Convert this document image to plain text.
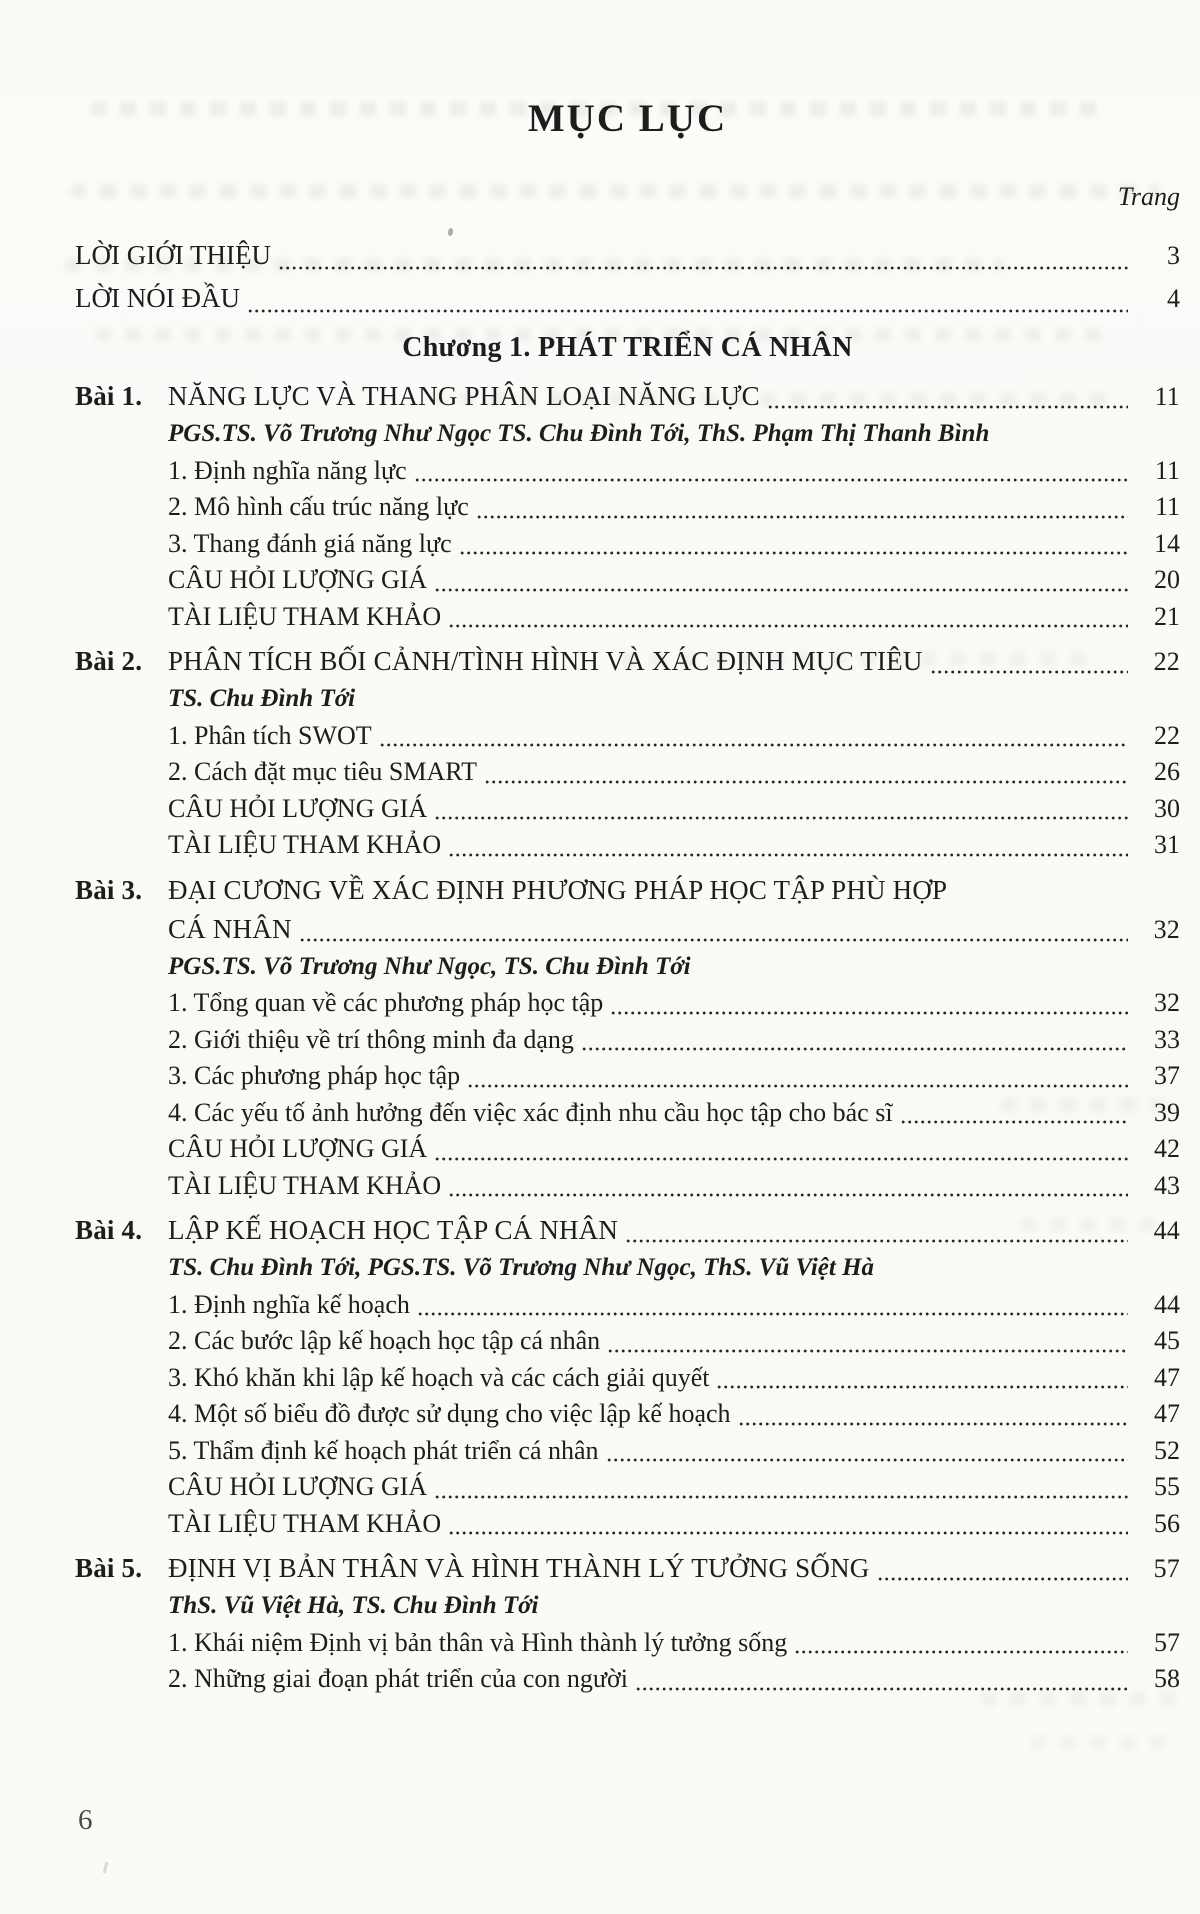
MỤC LỤC
Trang
LỜI GIỚI THIỆU	3
LỜI NÓI ĐẦU	4
Chương 1. PHÁT TRIỂN CÁ NHÂN
Bài 1. NĂNG LỰC VÀ THANG PHÂN LOẠI NĂNG LỰC	11
PGS.TS. Võ Trương Như Ngọc TS. Chu Đình Tới, ThS. Phạm Thị Thanh Bình
1. Định nghĩa năng lực	11
2. Mô hình cấu trúc năng lực	11
3. Thang đánh giá năng lực	14
CÂU HỎI LƯỢNG GIÁ	20
TÀI LIỆU THAM KHẢO	21
Bài 2. PHÂN TÍCH BỐI CẢNH/TÌNH HÌNH VÀ XÁC ĐỊNH MỤC TIÊU	22
TS. Chu Đình Tới
1. Phân tích SWOT	22
2. Cách đặt mục tiêu SMART	26
CÂU HỎI LƯỢNG GIÁ	30
TÀI LIỆU THAM KHẢO	31
Bài 3. ĐẠI CƯƠNG VỀ XÁC ĐỊNH PHƯƠNG PHÁP HỌC TẬP PHÙ HỢP
CÁ NHÂN	32
PGS.TS. Võ Trương Như Ngọc, TS. Chu Đình Tới
1. Tổng quan về các phương pháp học tập	32
2. Giới thiệu về trí thông minh đa dạng	33
3. Các phương pháp học tập	37
4. Các yếu tố ảnh hưởng đến việc xác định nhu cầu học tập cho bác sĩ	39
CÂU HỎI LƯỢNG GIÁ	42
TÀI LIỆU THAM KHẢO	43
Bài 4. LẬP KẾ HOẠCH HỌC TẬP CÁ NHÂN	44
TS. Chu Đình Tới, PGS.TS. Võ Trương Như Ngọc, ThS. Vũ Việt Hà
1. Định nghĩa kế hoạch	44
2. Các bước lập kế hoạch học tập cá nhân	45
3. Khó khăn khi lập kế hoạch và các cách giải quyết	47
4. Một số biểu đồ được sử dụng cho việc lập kế hoạch	47
5. Thẩm định kế hoạch phát triển cá nhân	52
CÂU HỎI LƯỢNG GIÁ	55
TÀI LIỆU THAM KHẢO	56
Bài 5. ĐỊNH VỊ BẢN THÂN VÀ HÌNH THÀNH LÝ TƯỞNG SỐNG	57
ThS. Vũ Việt Hà, TS. Chu Đình Tới
1. Khái niệm Định vị bản thân và Hình thành lý tưởng sống	57
2. Những giai đoạn phát triển của con người	58
6
